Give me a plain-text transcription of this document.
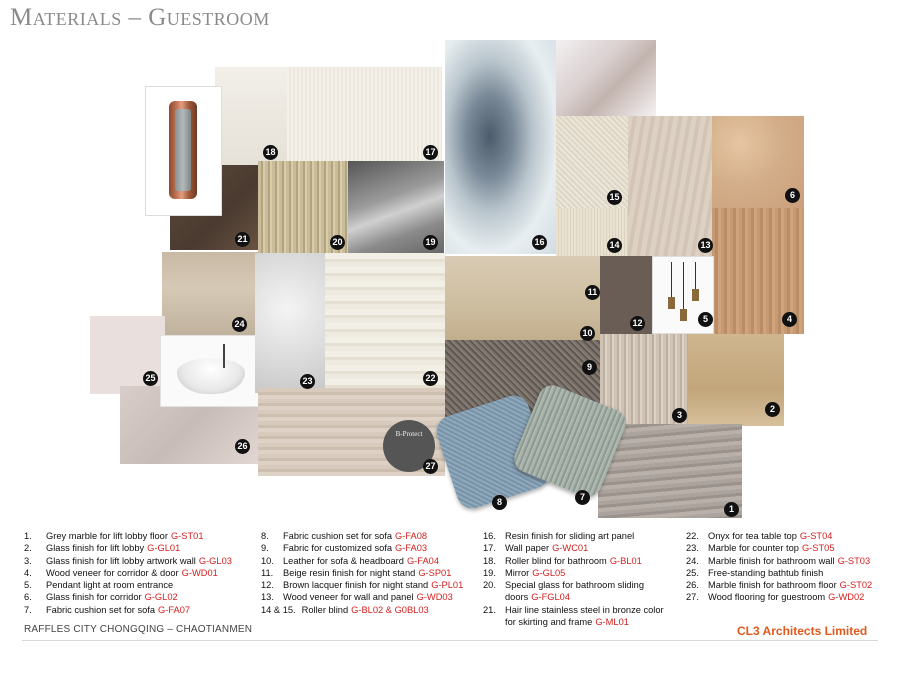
Materials – Guestroom
B-Protect
1
2
3
4
5
6
8
9
10
11
12
13
14
15
16
17
18
19
20
21
22
23
24
25
26
27
7
1.	Grey marble for lift lobby floor G-ST01
2.	Glass finish for lift lobby G-GL01
3.	Glass finish for lift lobby artwork wall G-GL03
4.	Wood veneer for corridor & door G-WD01
5.	Pendant light at room entrance
6.	Glass finish for corridor G-GL02
7.	Fabric cushion set for sofa G-FA07
8.	Fabric cushion set for sofa G-FA08
9.	Fabric for customized sofa G-FA03
10. Leather for sofa & headboard G-FA04
11.	Beige resin finish for night stand G-SP01
12. Brown lacquer finish for night stand G-PL01
13. Wood veneer for wall and panel G-WD03
14 & 15. Roller blind G-BL02 & G0BL03
16. Resin finish for sliding art panel
17. Wall paper G-WC01
18. Roller blind for bathroom G-BL01
19. Mirror G-GL05
20. Special glass for bathroom sliding
doors G-FGL04
21. Hair line stainless steel in bronze color
for skirting and frame G-ML01
22. Onyx for tea table top G-ST04
23. Marble for counter top G-ST05
24. Marble finish for bathroom wall G-ST03
25. Free-standing bathtub finish
26. Marble finish for bathroom floor G-ST02
27. Wood flooring for guestroom G-WD02
RAFFLES CITY CHONGQING – CHAOTIANMEN	CL3 Architects Limited
